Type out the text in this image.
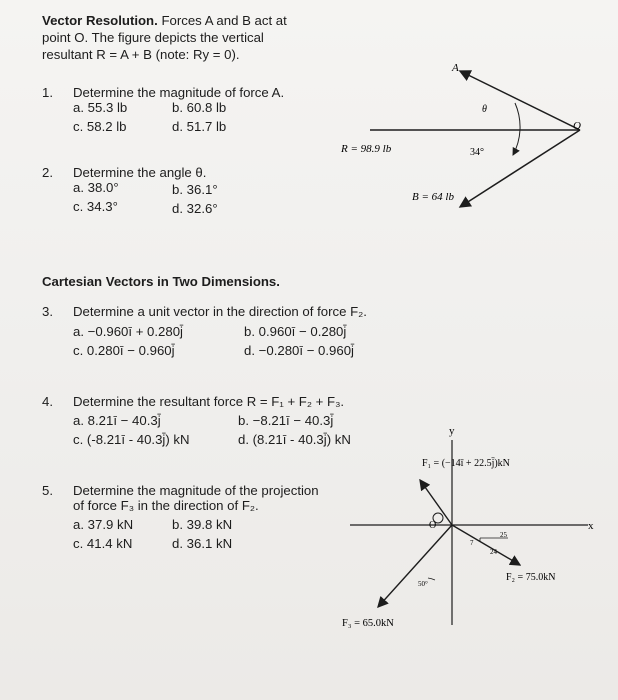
Vector Resolution. Forces A and B act at
point O. The figure depicts the vertical
resultant R = A + B (note: Ry = 0).
1. Determine the magnitude of force A.
a. 55.3 lb	b. 60.8 lb
c. 58.2 lb	d. 51.7 lb
2. Determine the angle θ.
a. 38.0°	b. 36.1°
c. 34.3°	d. 32.6°
A
θ
O
R = 98.9 lb	34°
B = 64 lb
Cartesian Vectors in Two Dimensions.
3. Determine a unit vector in the direction of force F₂.
a. −0.960ī + 0.280j̄	b. 0.960ī − 0.280j̄
c. 0.280ī − 0.960j̄	d. −0.280ī − 0.960j̄
4. Determine the resultant force R = F₁ + F₂ + F₃.
a. 8.21ī − 40.3j̄	b. −8.21ī − 40.3j̄
c. (-8.21ī - 40.3j̄) kN	d. (8.21ī - 40.3j̄) kN
5. Determine the magnitude of the projection
of force F₃ in the direction of F₂.
a. 37.9 kN	b. 39.8 kN
c. 41.4 kN	d. 36.1 kN
y
x
O
F₁ = (−14ī + 22.5j̄)kN
25
7
24
F₂ = 75.0kN
50°
F₃ = 65.0kN
